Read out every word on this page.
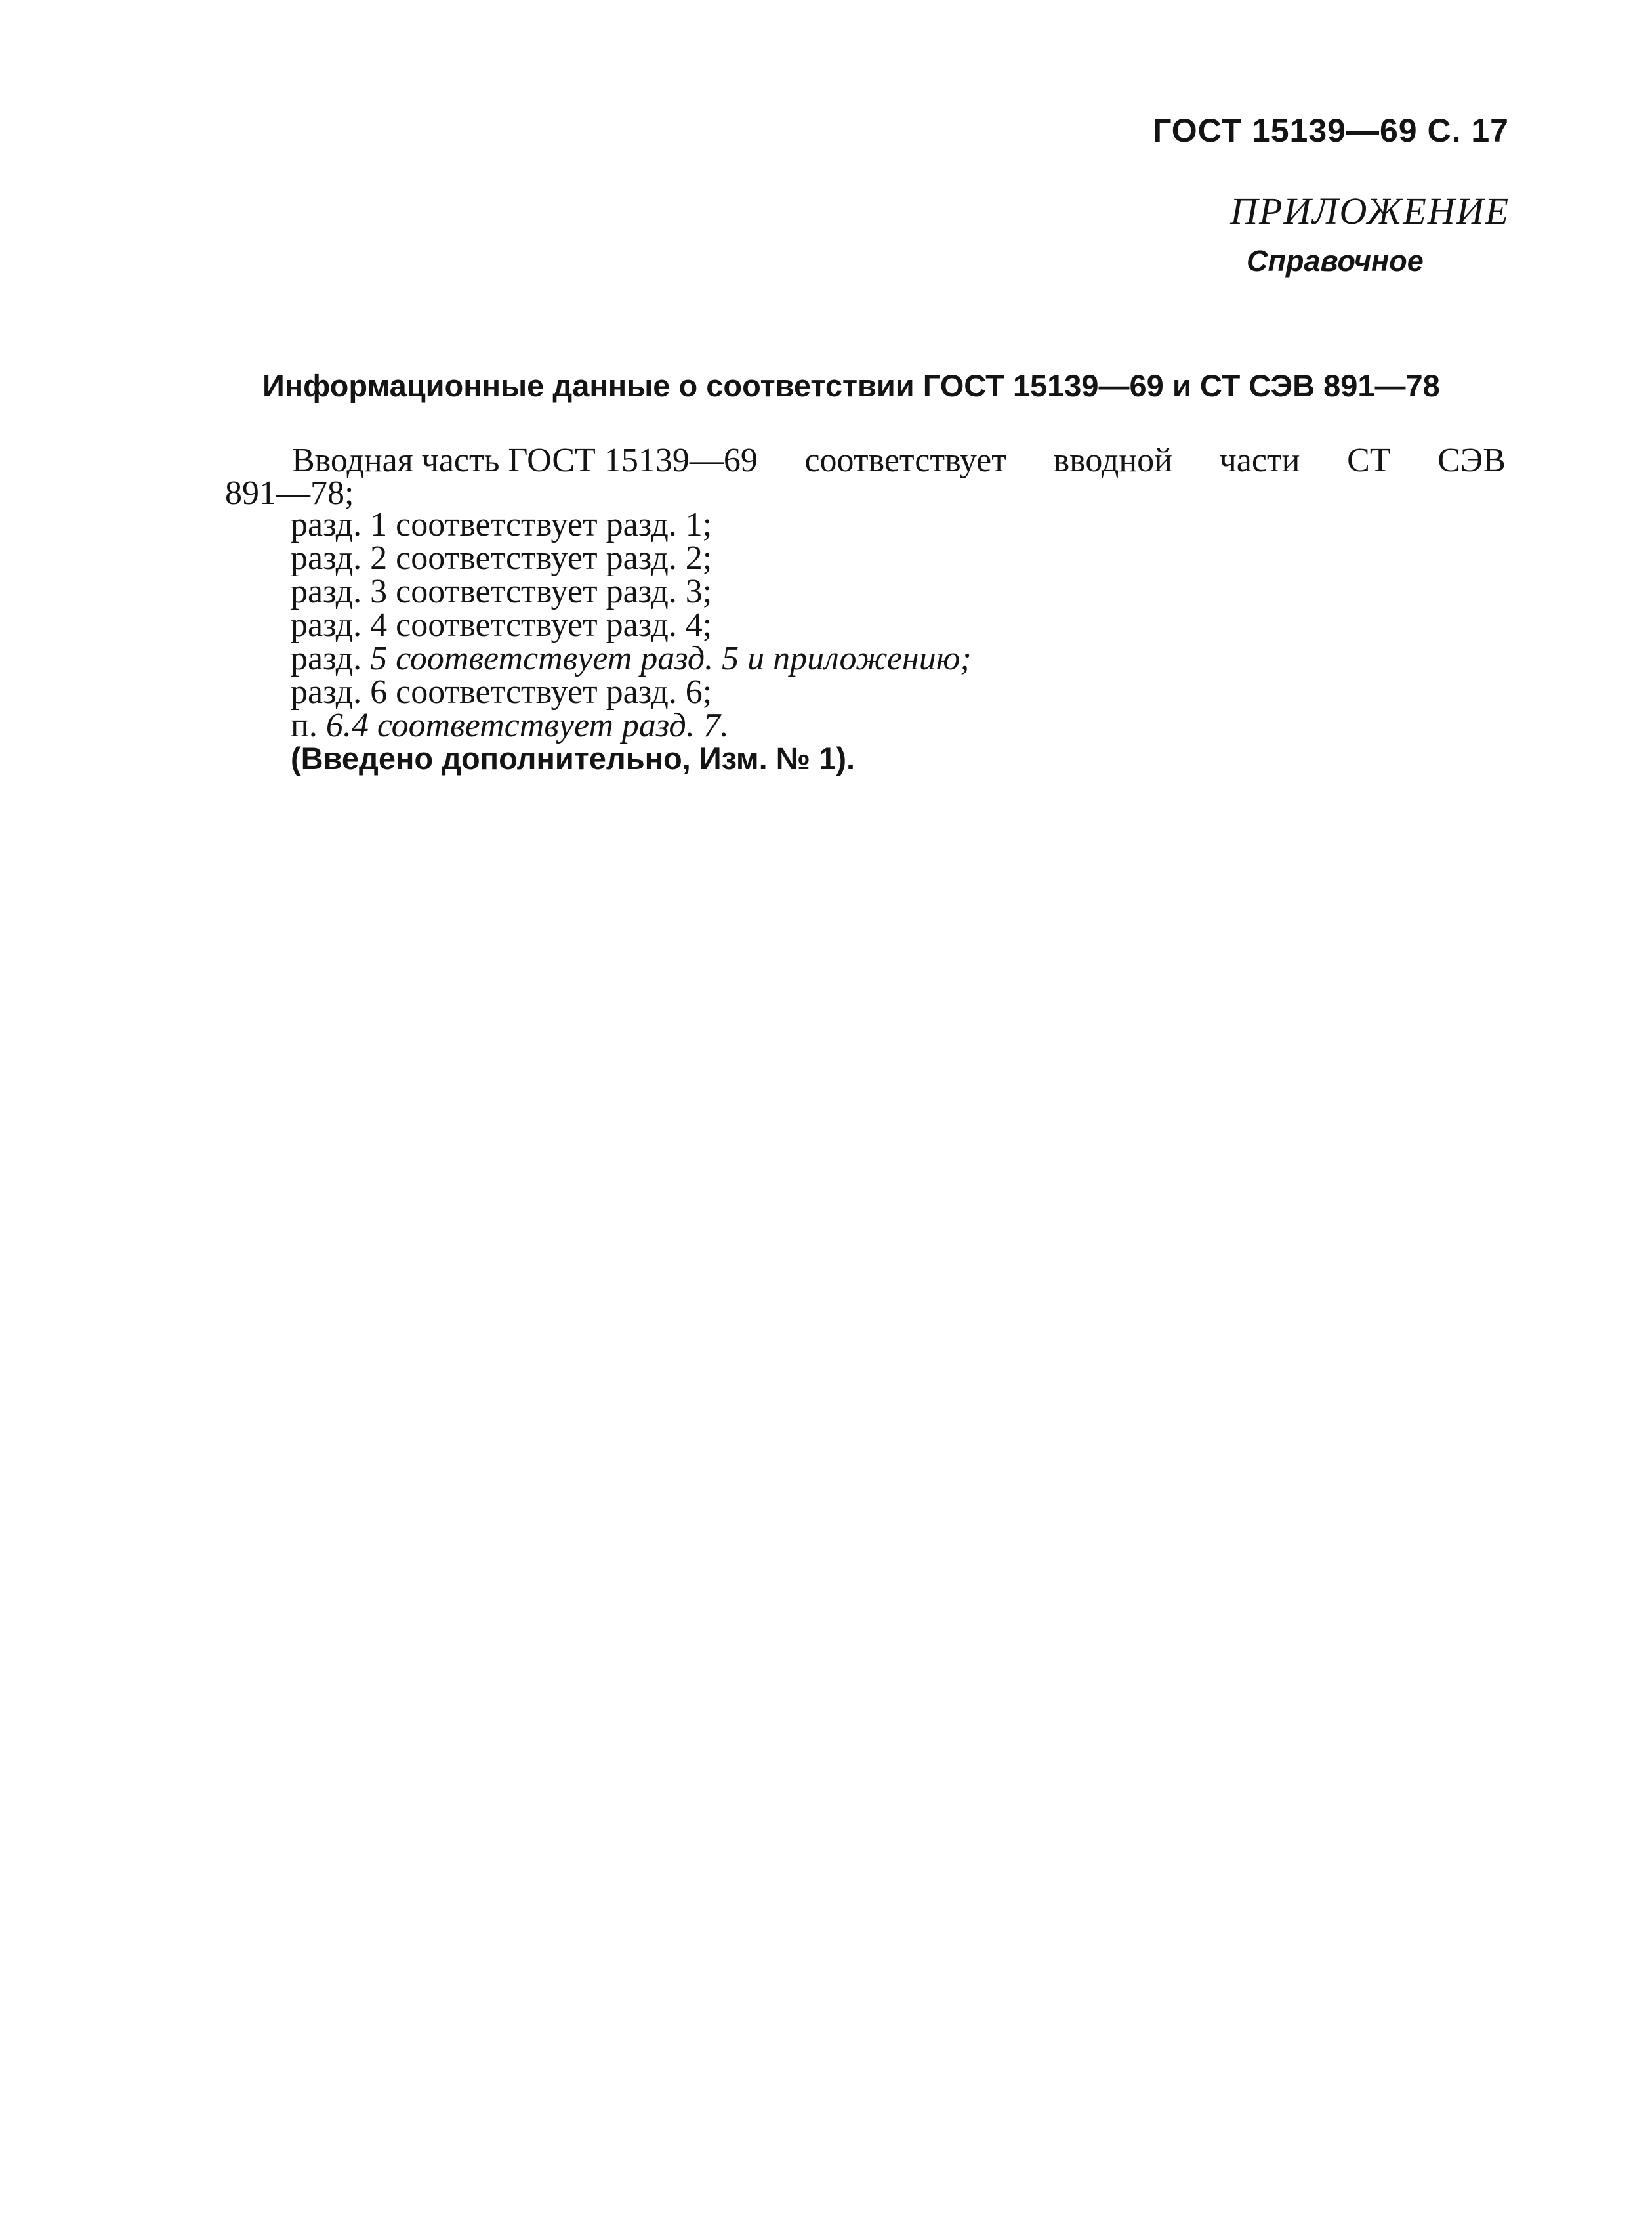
ГОСТ 15139—69 С. 17
ПРИЛОЖЕНИЕ
Справочное
Информационные данные о соответствии ГОСТ 15139—69 и СТ СЭВ 891—78
Вводная часть ГОСТ 15139—69 соответствует вводной части СТ СЭВ
891—78;
разд. 1 соответствует разд. 1;
разд. 2 соответствует разд. 2;
разд. 3 соответствует разд. 3;
разд. 4 соответствует разд. 4;
разд. 5 соответствует разд. 5 и приложению;
разд. 6 соответствует разд. 6;
п. 6.4 соответствует разд. 7.
(Введено дополнительно, Изм. № 1).
